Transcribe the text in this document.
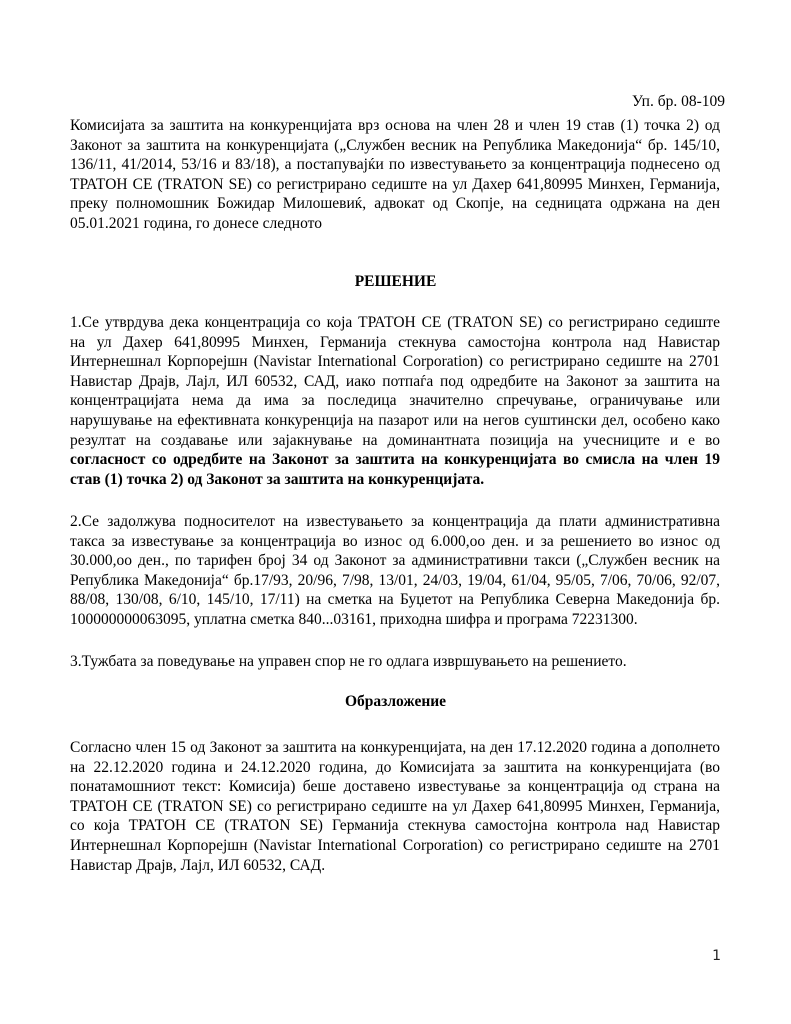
Уп. бр. 08-109

Комисијата за заштита на конкуренцијата врз основа на член 28 и член 19 став (1) точка 2) од
Законот за заштита на конкуренцијата („Службен весник на Република Македонија“ бр. 145/10,
136/11, 41/2014, 53/16 и 83/18), а постапувајќи по известувањето за концентрација поднесено од
ТРАТОН СЕ (TRATON SE) со регистрирано седиште на ул Дахер 641,80995 Минхен, Германија,
преку полномошник Божидар Милошевиќ, адвокат од Скопје, на седницата одржана на ден
05.01.2021 година, го донесе следното

РЕШЕНИЕ

1.Се утврдува дека концентрација со која ТРАТОН СЕ (TRATON SE) со регистрирано седиште
на ул Дахер 641,80995 Минхен, Германија стекнува самостојна контрола над Навистар
Интернешнал Корпорејшн (Navistar International Corporation) со регистрирано седиште на 2701
Навистар Драјв, Лајл, ИЛ 60532, САД, иако потпаѓа под одредбите на Законот за заштита на
концентрацијата нема да има за последица значително спречување, ограничување или
нарушување на ефективната конкуренција на пазарот или на негов суштински дел, особено како
резултат на создавање или зајакнување на доминантната позиција на учесниците и е во
согласност со одредбите на Законот за заштита на конкуренцијата во смисла на член 19
став (1) точка 2) од Законот за заштита на конкуренцијата.

2.Се задолжува подносителот на известувањето за концентрација да плати административна
такса за известување за концентрација во износ од 6.000,оо ден. и за решението во износ од
30.000,оо ден., по тарифен број 34 од Законот за административни такси („Службен весник на
Република Македонија“ бр.17/93, 20/96, 7/98, 13/01, 24/03, 19/04, 61/04, 95/05, 7/06, 70/06, 92/07,
88/08, 130/08, 6/10, 145/10, 17/11) на сметка на Буџетот на Република Северна Македонија бр.
100000000063095, уплатна сметка 840...03161, приходна шифра и програма 72231300.

3.Тужбата за поведување на управен спор не го одлага извршувањето на решението.

Образложение

Согласно член 15 од Законот за заштита на конкуренцијата, на ден 17.12.2020 година а дополнето
на 22.12.2020 година и 24.12.2020 година, до Комисијата за заштита на конкуренцијата (во
понатамошниот текст: Комисија) беше доставено известување за концентрација од страна на
ТРАТОН СЕ (TRATON SE) со регистрирано седиште на ул Дахер 641,80995 Минхен, Германија,
со која ТРАТОН СЕ (TRATON SE) Германија стекнува самостојна контрола над Навистар
Интернешнал Корпорејшн (Navistar International Corporation) со регистрирано седиште на 2701
Навистар Драјв, Лајл, ИЛ 60532, САД.

1
